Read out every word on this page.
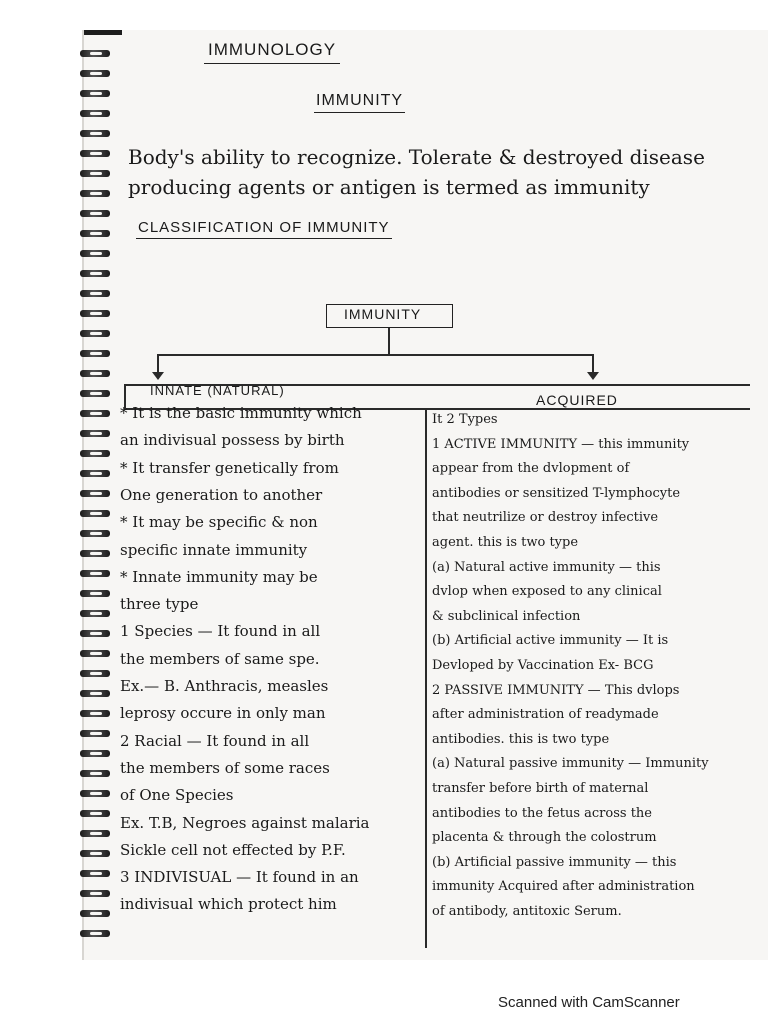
IMMUNOLOGY
IMMUNITY
Body's ability to recognize. Tolerate & destroyed disease
producing agents or antigen is termed as immunity
CLASSIFICATION OF IMMUNITY
IMMUNITY
INNATE (NATURAL)
ACQUIRED
* It is the basic immunity which
an indivisual possess by birth
* It transfer genetically from
One generation to another
* It may be specific & non
specific innate immunity
* Innate immunity may be
three type
1 Species — It found in all
the members of same spe.
Ex.— B. Anthracis, measles
leprosy occure in only man
2 Racial — It found in all
the members of some races
of One Species
Ex. T.B, Negroes against malaria
Sickle cell not effected by P.F.
3 INDIVISUAL — It found in an
indivisual which protect him
It 2 Types
1 ACTIVE IMMUNITY — this immunity
appear from the dvlopment of
antibodies or sensitized T-lymphocyte
that neutrilize or destroy infective
agent. this is two type
(a) Natural active immunity — this
dvlop when exposed to any clinical
& subclinical infection
(b) Artificial active immunity — It is
Devloped by Vaccination Ex- BCG
2 PASSIVE IMMUNITY — This dvlops
after administration of readymade
antibodies. this is two type
(a) Natural passive immunity — Immunity
transfer before birth of maternal
antibodies to the fetus across the
placenta & through the colostrum
(b) Artificial passive immunity — this
immunity Acquired after administration
of antibody, antitoxic Serum.
Scanned with CamScanner
